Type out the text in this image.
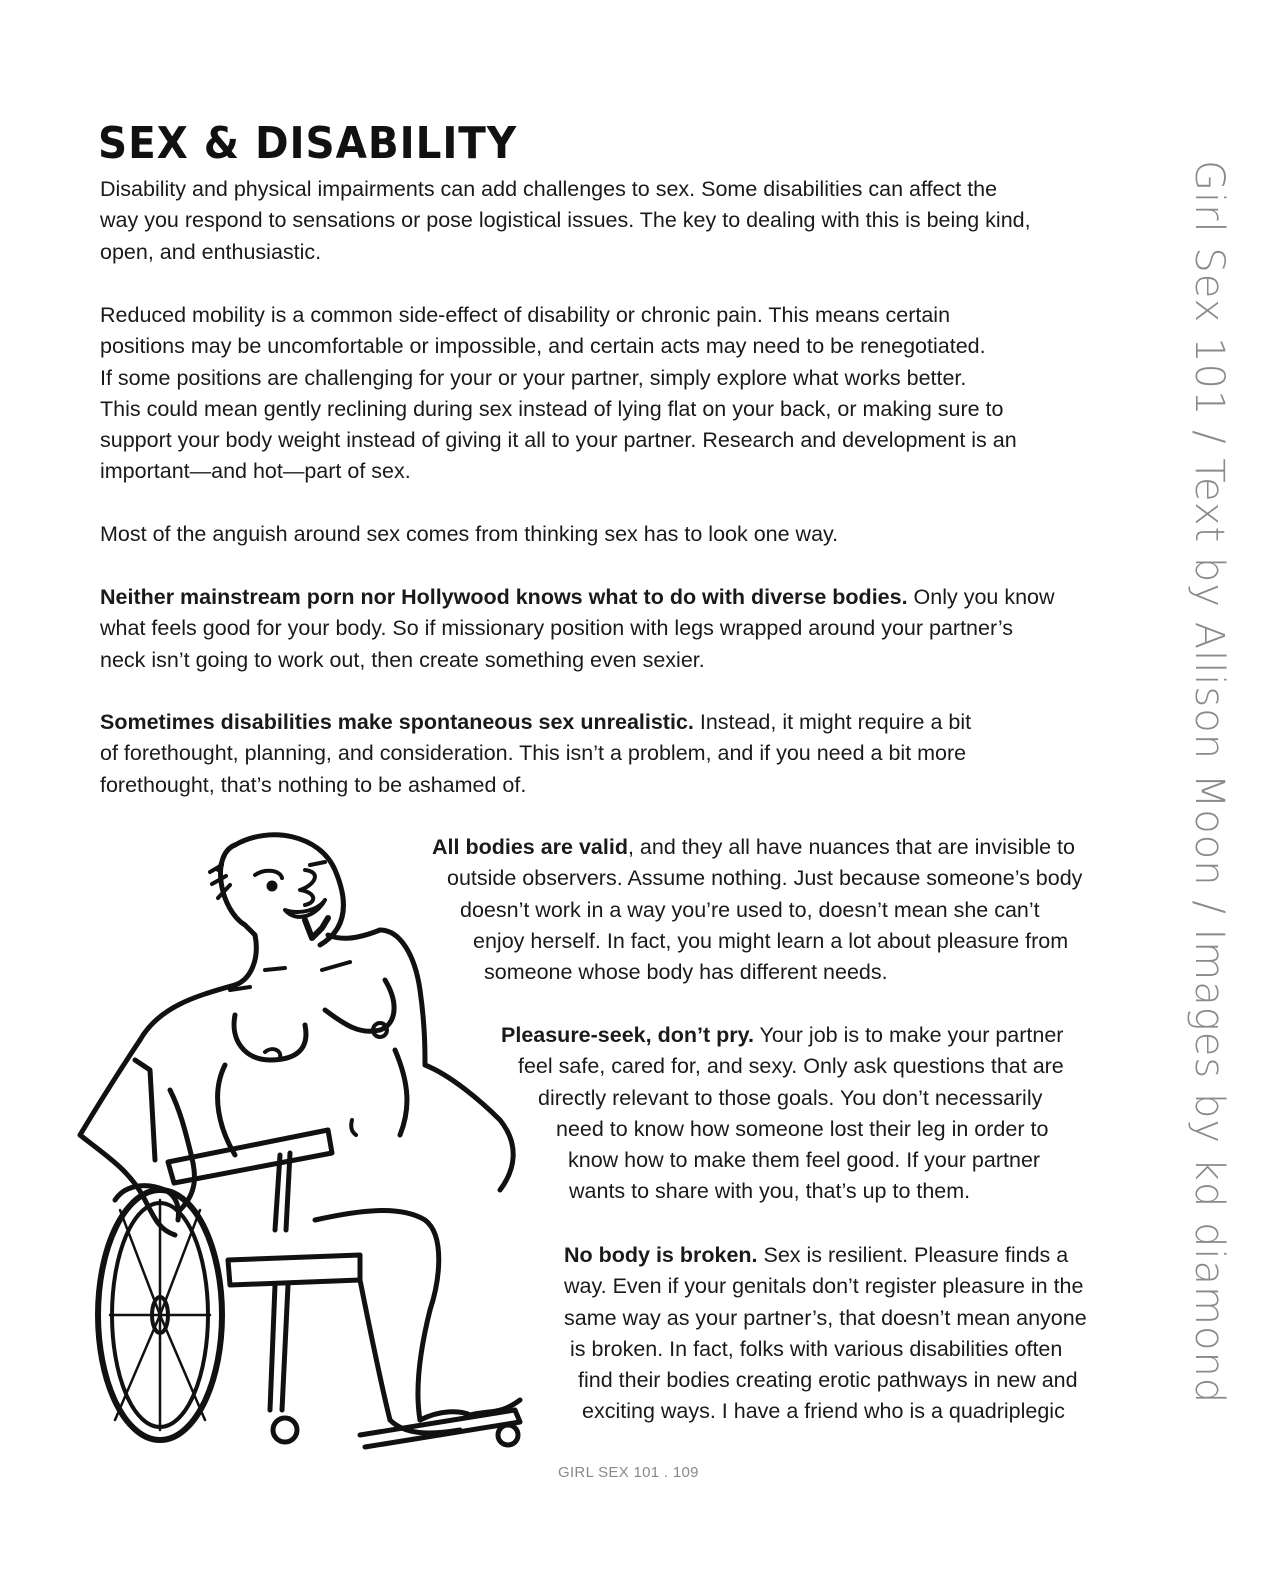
SEX & DISABILITY
Girl Sex 101 / Text by Allison Moon / Images by kd diamond

Disability and physical impairments can add challenges to sex. Some disabilities can affect the
way you respond to sensations or pose logistical issues. The key to dealing with this is being kind,
open, and enthusiastic.

Reduced mobility is a common side-effect of disability or chronic pain. This means certain
positions may be uncomfortable or impossible, and certain acts may need to be renegotiated.
If some positions are challenging for your or your partner, simply explore what works better.
This could mean gently reclining during sex instead of lying flat on your back, or making sure to
support your body weight instead of giving it all to your partner. Research and development is an
important—and hot—part of sex.

Most of the anguish around sex comes from thinking sex has to look one way.

Neither mainstream porn nor Hollywood knows what to do with diverse bodies. Only you know
what feels good for your body. So if missionary position with legs wrapped around your partner’s
neck isn’t going to work out, then create something even sexier.

Sometimes disabilities make spontaneous sex unrealistic. Instead, it might require a bit
of forethought, planning, and consideration. This isn’t a problem, and if you need a bit more
forethought, that’s nothing to be ashamed of.

All bodies are valid, and they all have nuances that are invisible to
outside observers. Assume nothing. Just because someone’s body
doesn’t work in a way you’re used to, doesn’t mean she can’t
enjoy herself. In fact, you might learn a lot about pleasure from
someone whose body has different needs.

Pleasure-seek, don’t pry. Your job is to make your partner
feel safe, cared for, and sexy. Only ask questions that are
directly relevant to those goals. You don’t necessarily
need to know how someone lost their leg in order to
know how to make them feel good. If your partner
wants to share with you, that’s up to them.

No body is broken. Sex is resilient. Pleasure finds a
way. Even if your genitals don’t register pleasure in the
same way as your partner’s, that doesn’t mean anyone
is broken. In fact, folks with various disabilities often
find their bodies creating erotic pathways in new and
exciting ways. I have a friend who is a quadriplegic

GIRL SEX 101 . 109
